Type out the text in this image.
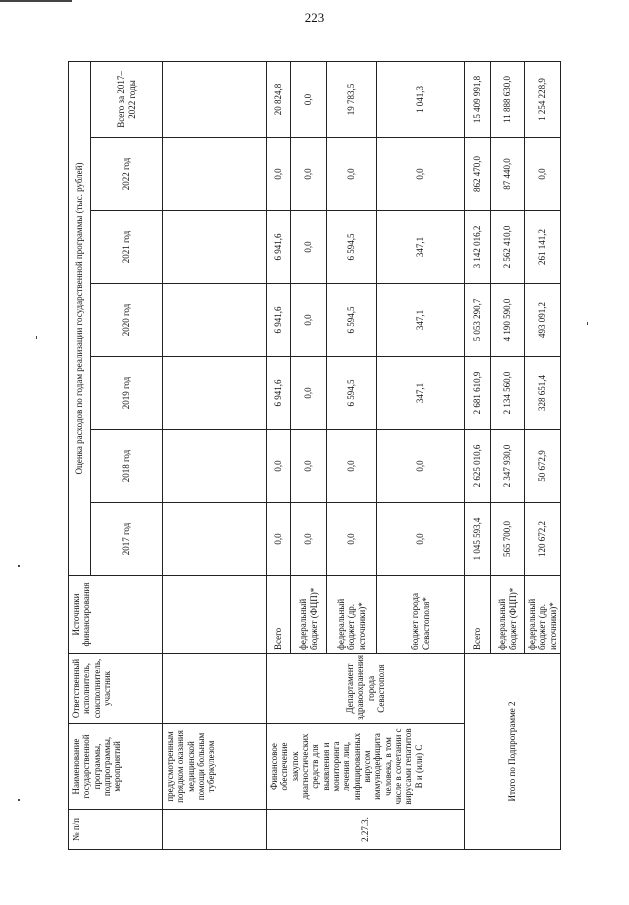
223
№ п/п	Наименование государственной программы, подпрограммы, мероприятий	Ответственный исполнитель, соисполнитель, участник	Источники финансирования	Оценка расходов по годам реализации государственной программы (тыс. рублей)						
				2017 год	2018 год	2019 год	2020 год	2021 год	2022 год	Всего за 2017–2022 годы
	предусмотренным порядком оказания медицинской помощи больным туберкулезом									
2.27.3.	Финансовое обеспечение закупок диагностических средств для выявления и мониторинга лечения лиц, инфицированных вирусом иммунодефицита человека, в том числе в сочетании с вирусами гепатитов В и (или) С	Департамент здравоохранения города Севастополя	Всего	0,0	0,0	6 941,6	6 941,6	6 941,6	0,0	20 824,8
			федеральный бюджет (ФЦП)*	0,0	0,0	0,0	0,0	0,0	0,0	0,0
			федеральный бюджет (др. источники)*	0,0	0,0	6 594,5	6 594,5	6 594,5	0,0	19 783,5
			бюджет города Севастополя*	0,0	0,0	347,1	347,1	347,1	0,0	1 041,3
Итого по Подпрограмме 2			Всего	1 045 593,4	2 625 010,6	2 681 610,9	5 053 290,7	3 142 016,2	862 470,0	15 409 991,8
			федеральный бюджет (ФЦП)*	565 700,0	2 347 930,0	2 134 560,0	4 190 590,0	2 562 410,0	87 440,0	11 888 630,0
			федеральный бюджет (др. источники)*	120 672,2	50 672,9	328 651,4	493 091,2	261 141,2	0,0	1 254 228,9
